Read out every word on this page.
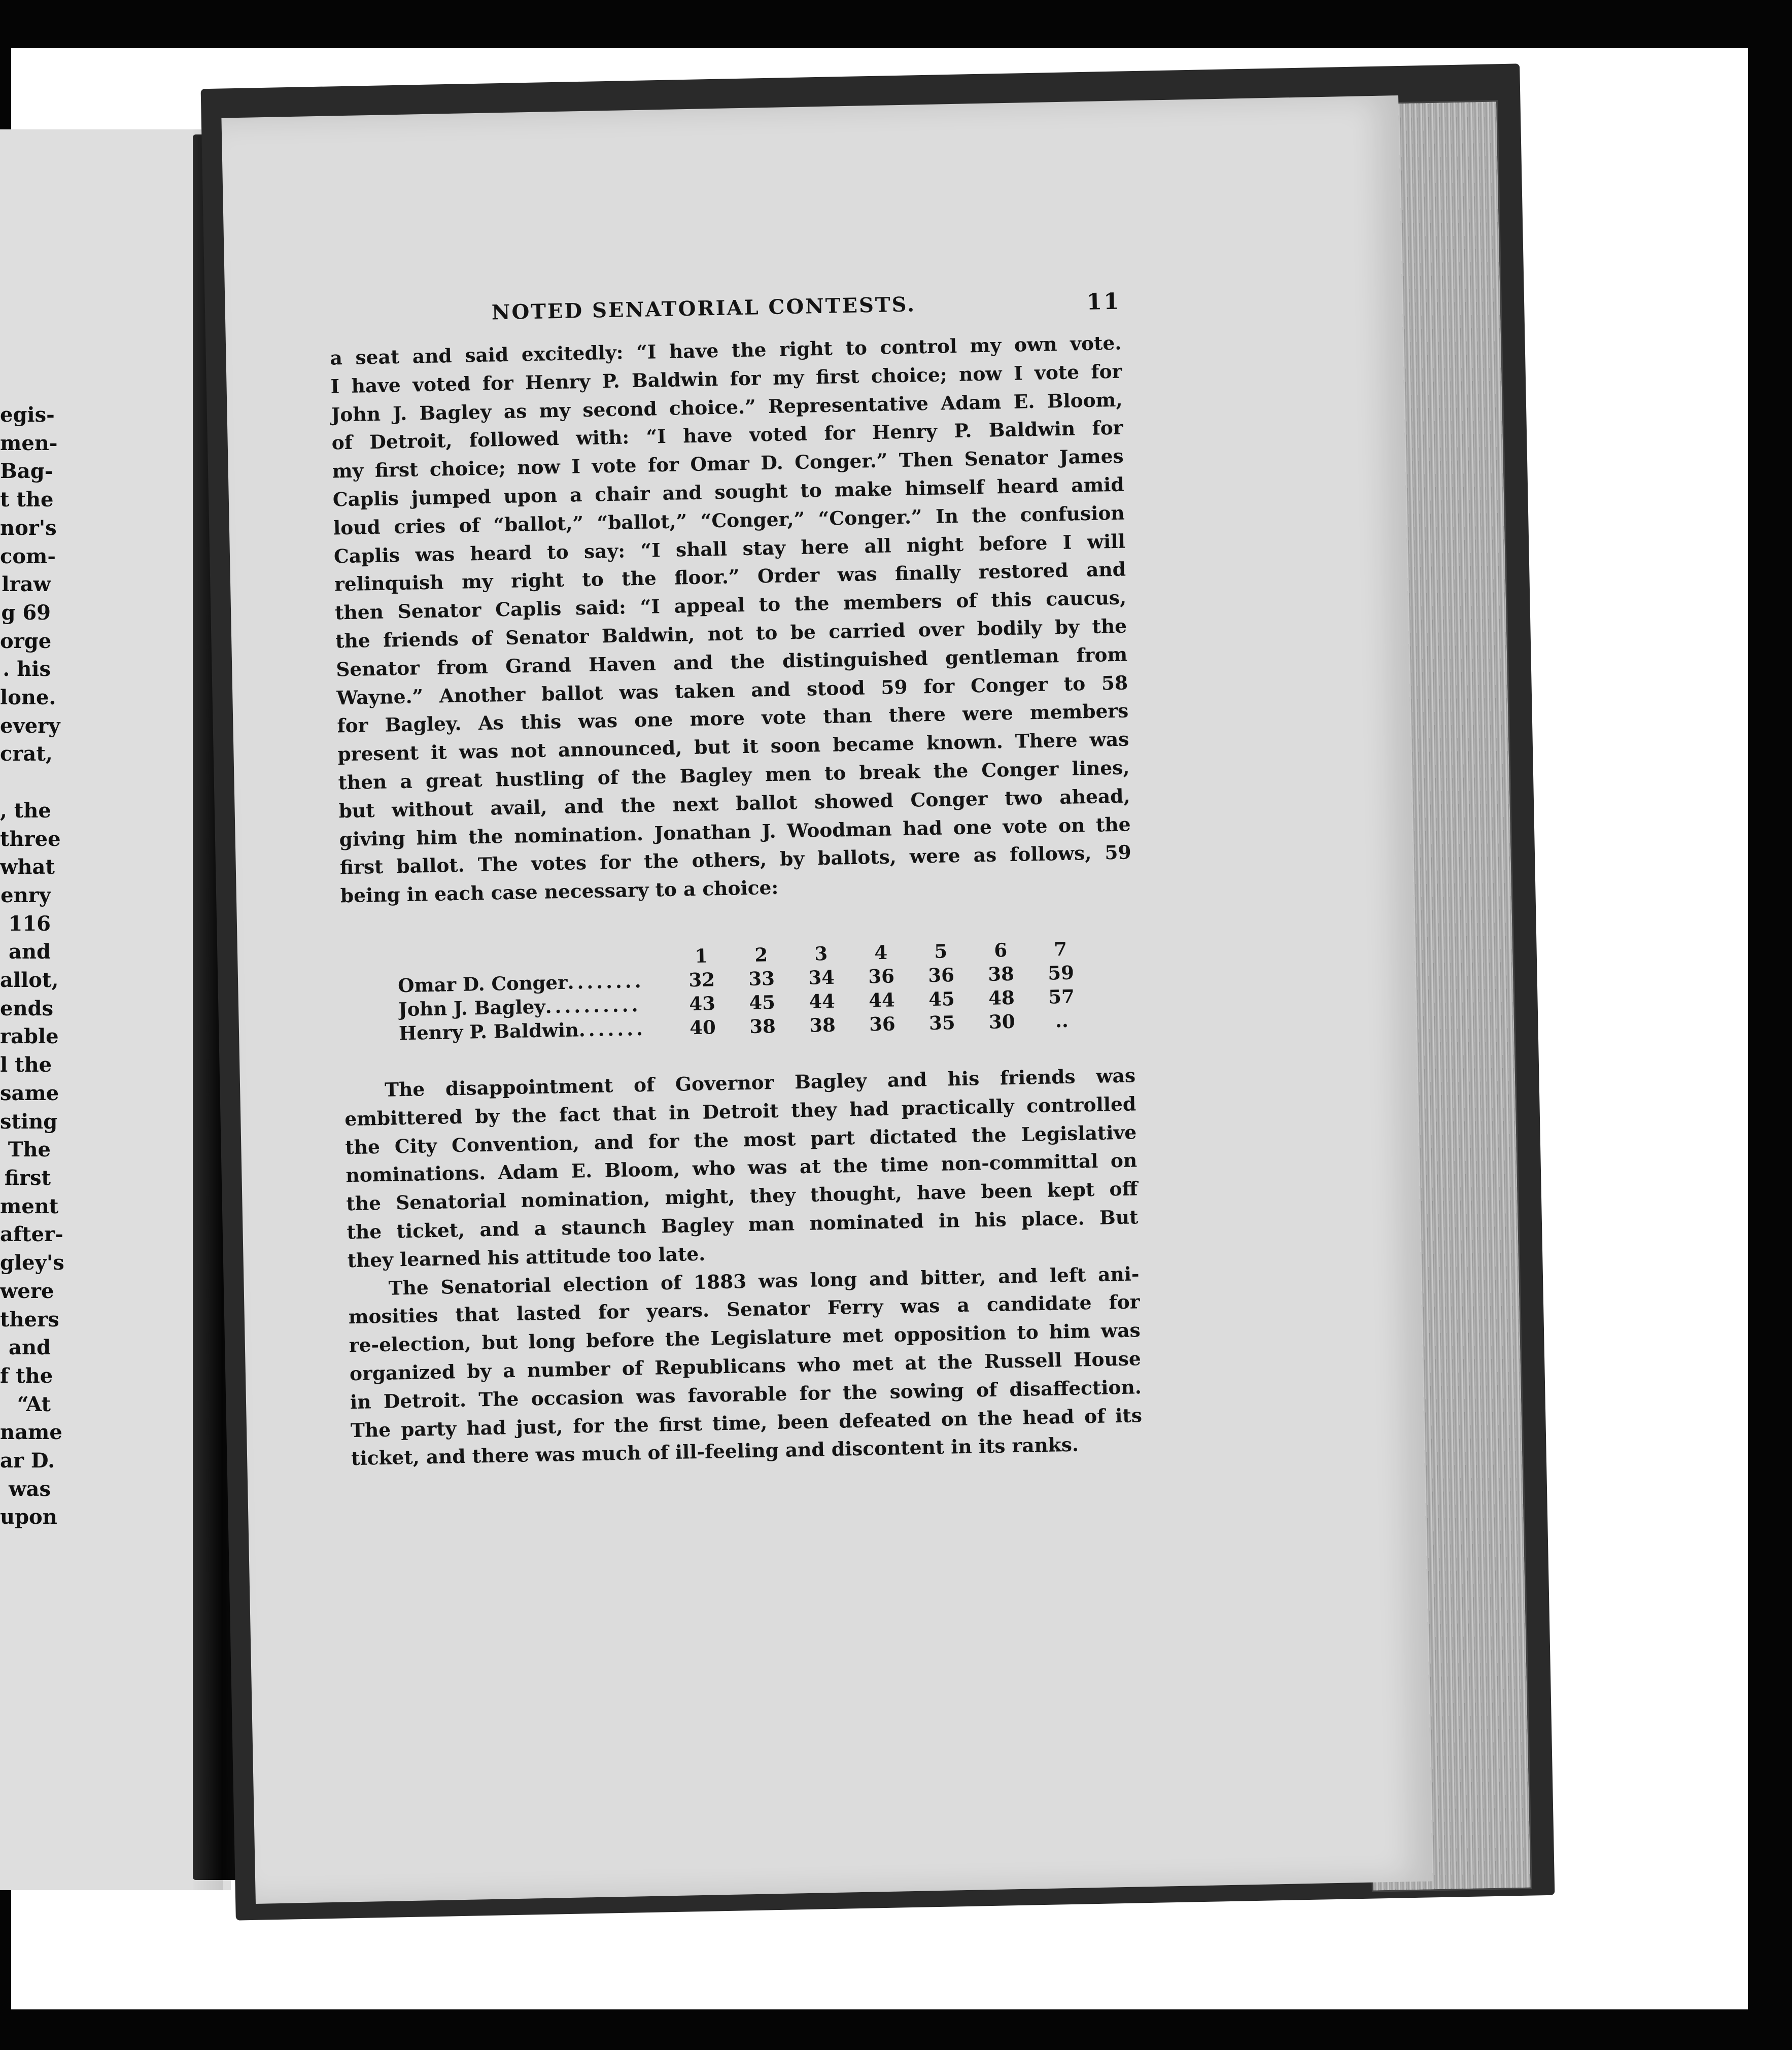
egis-
men-
Bag-
t the
nor's
com-
lraw
g 69
orge
. his
lone.
every
crat,

, the
three
what
enry
116
and
allot,
ends
rable
l the
same
sting
The
first
ment
after-
gley's
were
thers
and
f the
“At
name
ar D.
was
upon
NOTED SENATORIAL CONTESTS.	11

a seat and said excitedly: “I have the right to control my own vote.
I have voted for Henry P. Baldwin for my first choice; now I vote for
John J. Bagley as my second choice.” Representative Adam E. Bloom,
of Detroit, followed with: “I have voted for Henry P. Baldwin for
my first choice; now I vote for Omar D. Conger.” Then Senator James
Caplis jumped upon a chair and sought to make himself heard amid
loud cries of “ballot,” “ballot,” “Conger,” “Conger.” In the confusion
Caplis was heard to say: “I shall stay here all night before I will
relinquish my right to the floor.” Order was finally restored and
then Senator Caplis said: “I appeal to the members of this caucus,
the friends of Senator Baldwin, not to be carried over bodily by the
Senator from Grand Haven and the distinguished gentleman from
Wayne.” Another ballot was taken and stood 59 for Conger to 58
for Bagley. As this was one more vote than there were members
present it was not announced, but it soon became known. There was
then a great hustling of the Bagley men to break the Conger lines,
but without avail, and the next ballot showed Conger two ahead,
giving him the nomination. Jonathan J. Woodman had one vote on the
first ballot. The votes for the others, by ballots, were as follows, 59
being in each case necessary to a choice:

	1	2	3	4	5	6	7
Omar D. Conger........	32	33	34	36	36	38	59
John J. Bagley..........	43	45	44	44	45	48	57
Henry P. Baldwin.......	40	38	38	36	35	30	..

The disappointment of Governor Bagley and his friends was
embittered by the fact that in Detroit they had practically controlled
the City Convention, and for the most part dictated the Legislative
nominations. Adam E. Bloom, who was at the time non-committal on
the Senatorial nomination, might, they thought, have been kept off
the ticket, and a staunch Bagley man nominated in his place. But
they learned his attitude too late.

The Senatorial election of 1883 was long and bitter, and left ani-
mosities that lasted for years. Senator Ferry was a candidate for
re-election, but long before the Legislature met opposition to him was
organized by a number of Republicans who met at the Russell House
in Detroit. The occasion was favorable for the sowing of disaffection.
The party had just, for the first time, been defeated on the head of its
ticket, and there was much of ill-feeling and discontent in its ranks.
